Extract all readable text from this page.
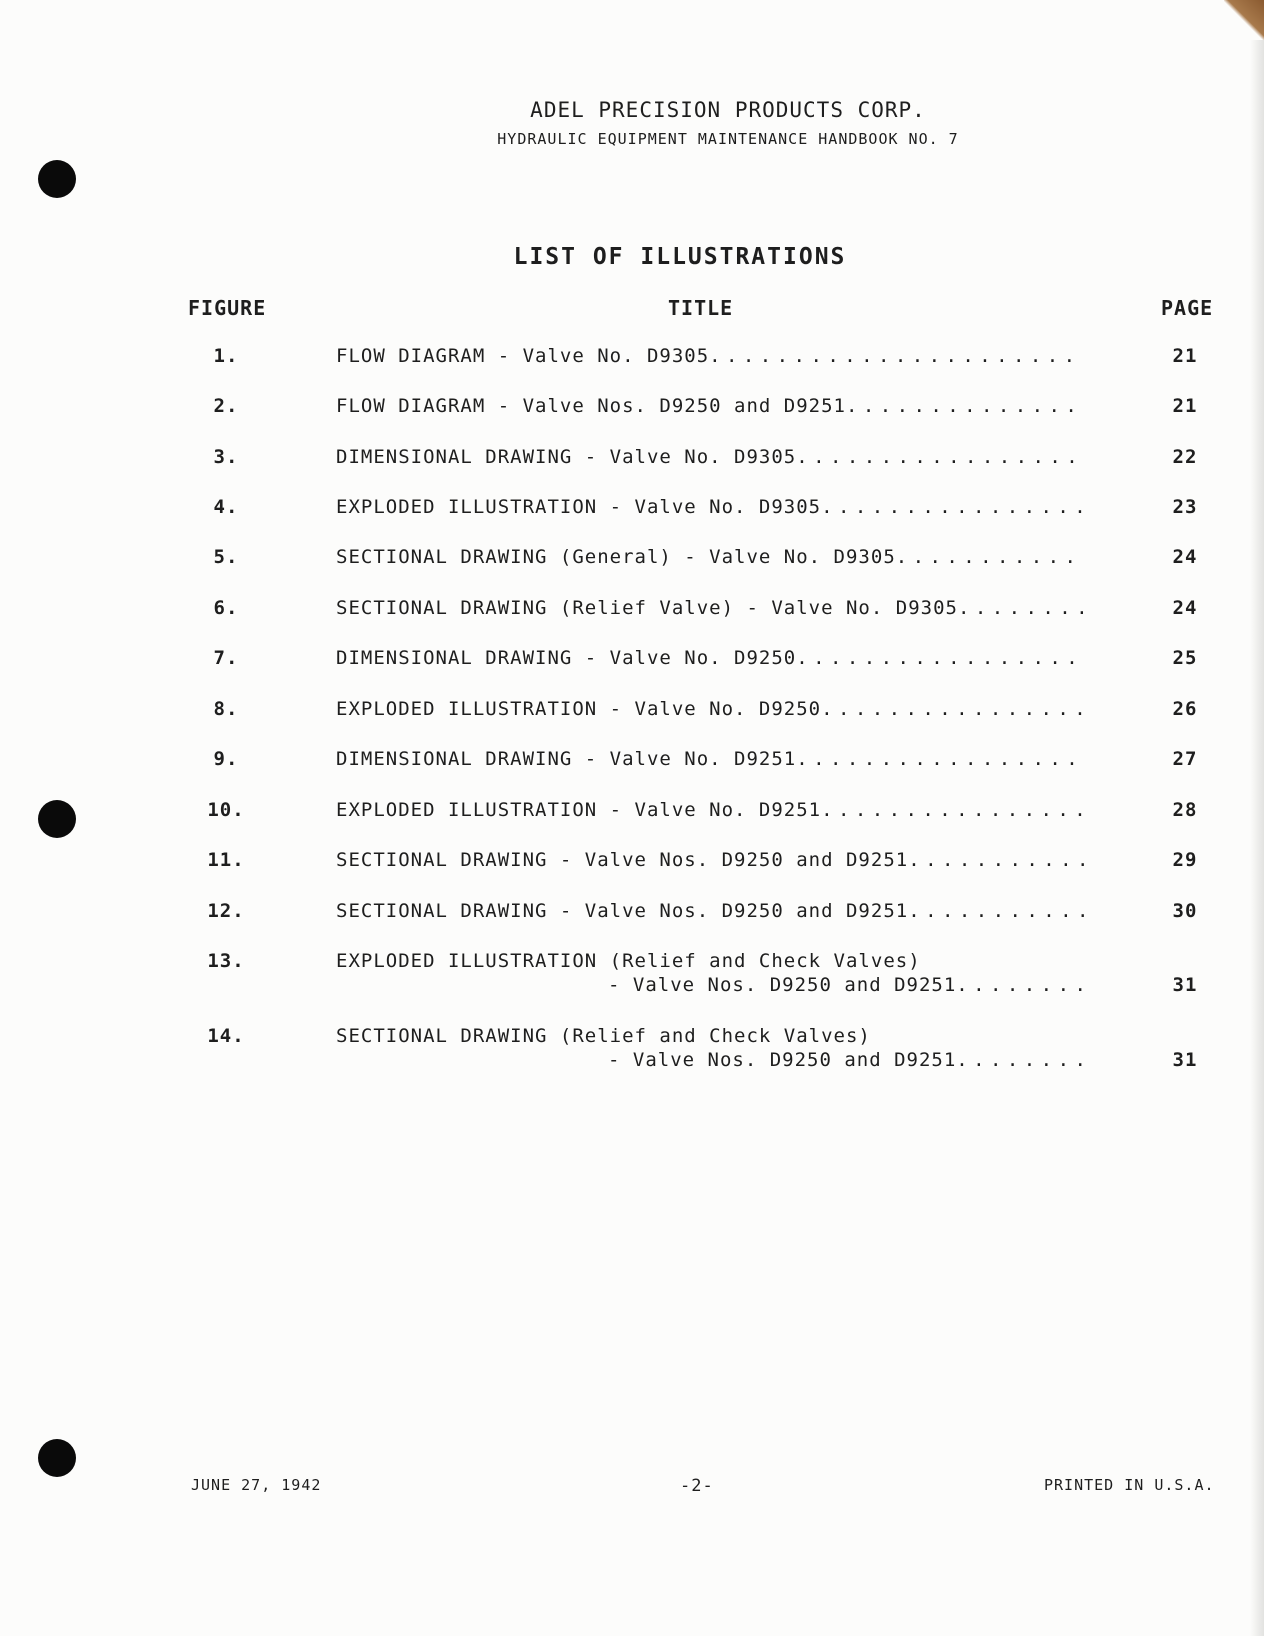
ADEL PRECISION PRODUCTS CORP.
HYDRAULIC EQUIPMENT MAINTENANCE HANDBOOK NO. 7
LIST OF ILLUSTRATIONS
FIGURE	TITLE	PAGE
1.	FLOW DIAGRAM - Valve No. D9305 . . .	21
2.	FLOW DIAGRAM - Valve Nos. D9250 and D9251 . . .	21
3.	DIMENSIONAL DRAWING - Valve No. D9305 . . .	22
4.	EXPLODED ILLUSTRATION - Valve No. D9305 . . .	23
5.	SECTIONAL DRAWING (General) - Valve No. D9305 . . .	24
6.	SECTIONAL DRAWING (Relief Valve) - Valve No. D9305 . . .	24
7.	DIMENSIONAL DRAWING - Valve No. D9250 . . .	25
8.	EXPLODED ILLUSTRATION - Valve No. D9250 . . .	26
9.	DIMENSIONAL DRAWING - Valve No. D9251 . . .	27
10.	EXPLODED ILLUSTRATION - Valve No. D9251 . . .	28
11.	SECTIONAL DRAWING - Valve Nos. D9250 and D9251 . . .	29
12.	SECTIONAL DRAWING - Valve Nos. D9250 and D9251 . . .	30
13.	EXPLODED ILLUSTRATION (Relief and Check Valves)
- Valve Nos. D9250 and D9251 . . .	31
14.	SECTIONAL DRAWING (Relief and Check Valves)
- Valve Nos. D9250 and D9251 . . .	31
JUNE 27, 1942	-2-	PRINTED IN U.S.A.
